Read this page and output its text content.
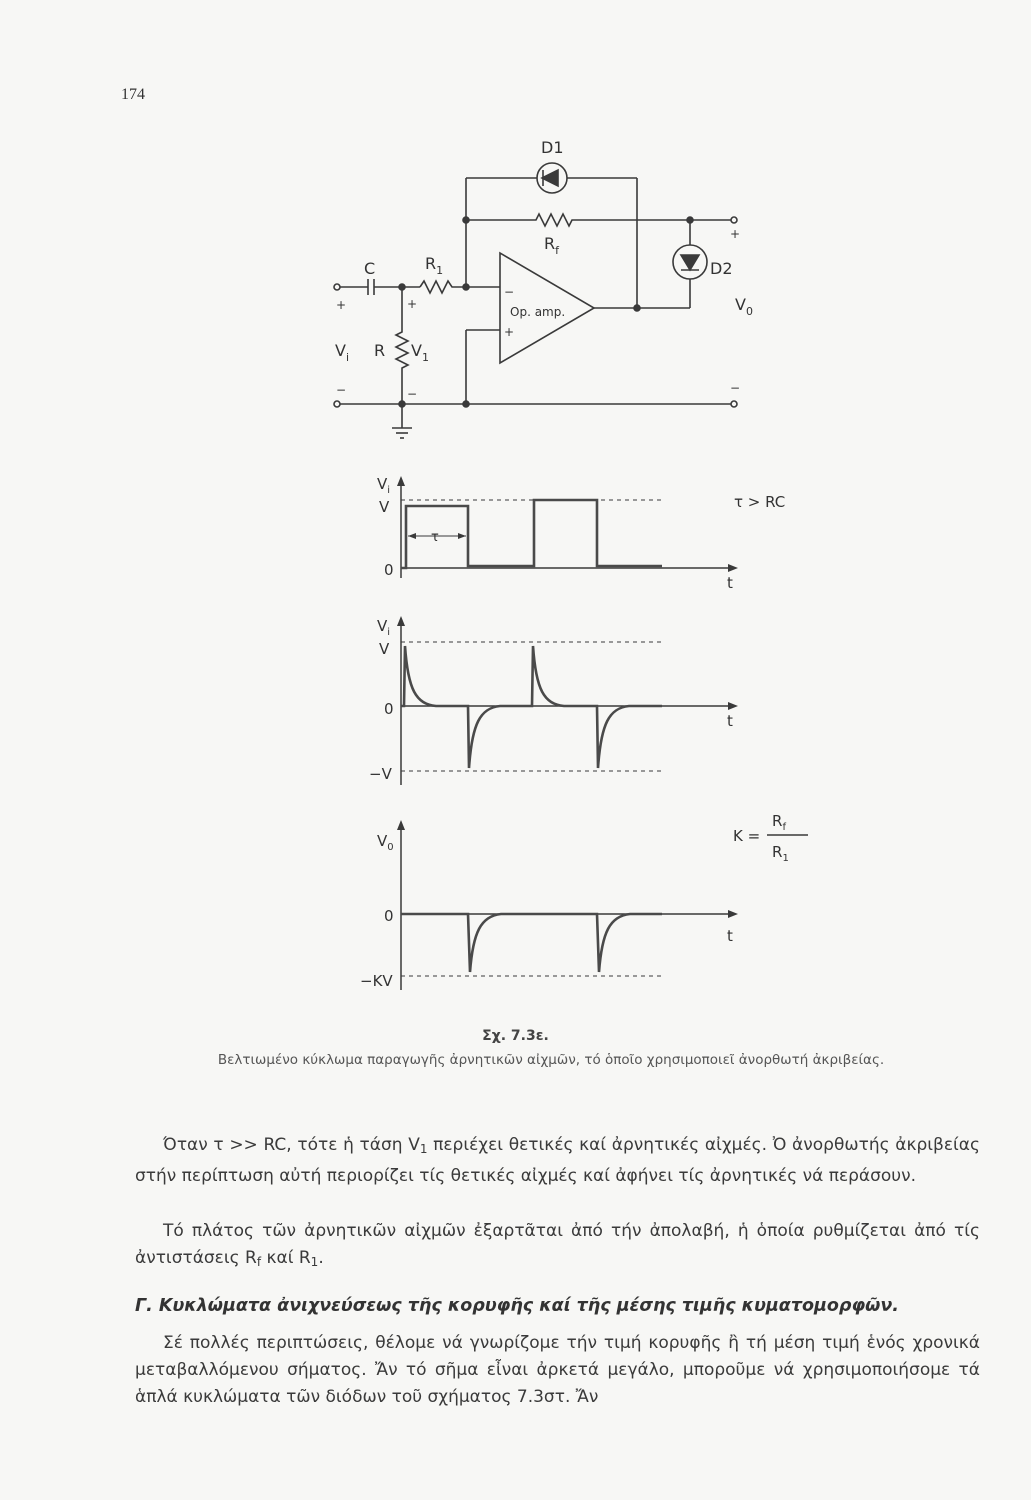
174
D1
D2
C	$R_1$
$R_f$
R
$V_i$	$V_1$
$V_0$
Op. amp.
+
−
+
−
−
+
+
−
$V_i$
V
0
t
τ
τ > RC
$V_i$
V
0
−V
t
$V_0$
0
−KV
t
K =
$R_f$
$R_1$
Σχ. 7.3ε.
Βελτιωμένο κύκλωμα παραγωγῆς ἀρνητικῶν αἰχμῶν, τό ὁποῖο χρησιμοποιεῖ ἀνορθωτή ἀκριβείας.
Όταν τ >> RC, τότε ἡ τάση $V_1$ περιέχει θετικές καί ἀρνητικές αἰχμές. Ὀ ἀνορθωτής ἀκριβείας στήν περίπτωση αὐτή περιορίζει τίς θετικές αἰχμές καί ἀφήνει τίς ἀρνητικές νά περάσουν.
Τό πλάτος τῶν ἀρνητικῶν αἰχμῶν ἐξαρτᾶται ἀπό τήν ἀπολαβή, ἡ ὁποία ρυθμίζεται ἀπό τίς ἀντιστάσεις $R_f$ καί $R_1$.
Γ. Κυκλώματα ἀνιχνεύσεως τῆς κορυφῆς καί τῆς μέσης τιμῆς κυματομορφῶν.
Σέ πολλές περιπτώσεις, θέλομε νά γνωρίζομε τήν τιμή κορυφῆς ἢ τή μέση τιμή ἑνός χρονικά μεταβαλλόμενου σήματος. Ἄν τό σῆμα εἶναι ἀρκετά μεγάλο, μποροῦμε νά χρησιμοποιήσομε τά ἁπλά κυκλώματα τῶν διόδων τοῦ σχήματος 7.3στ. Ἄν
